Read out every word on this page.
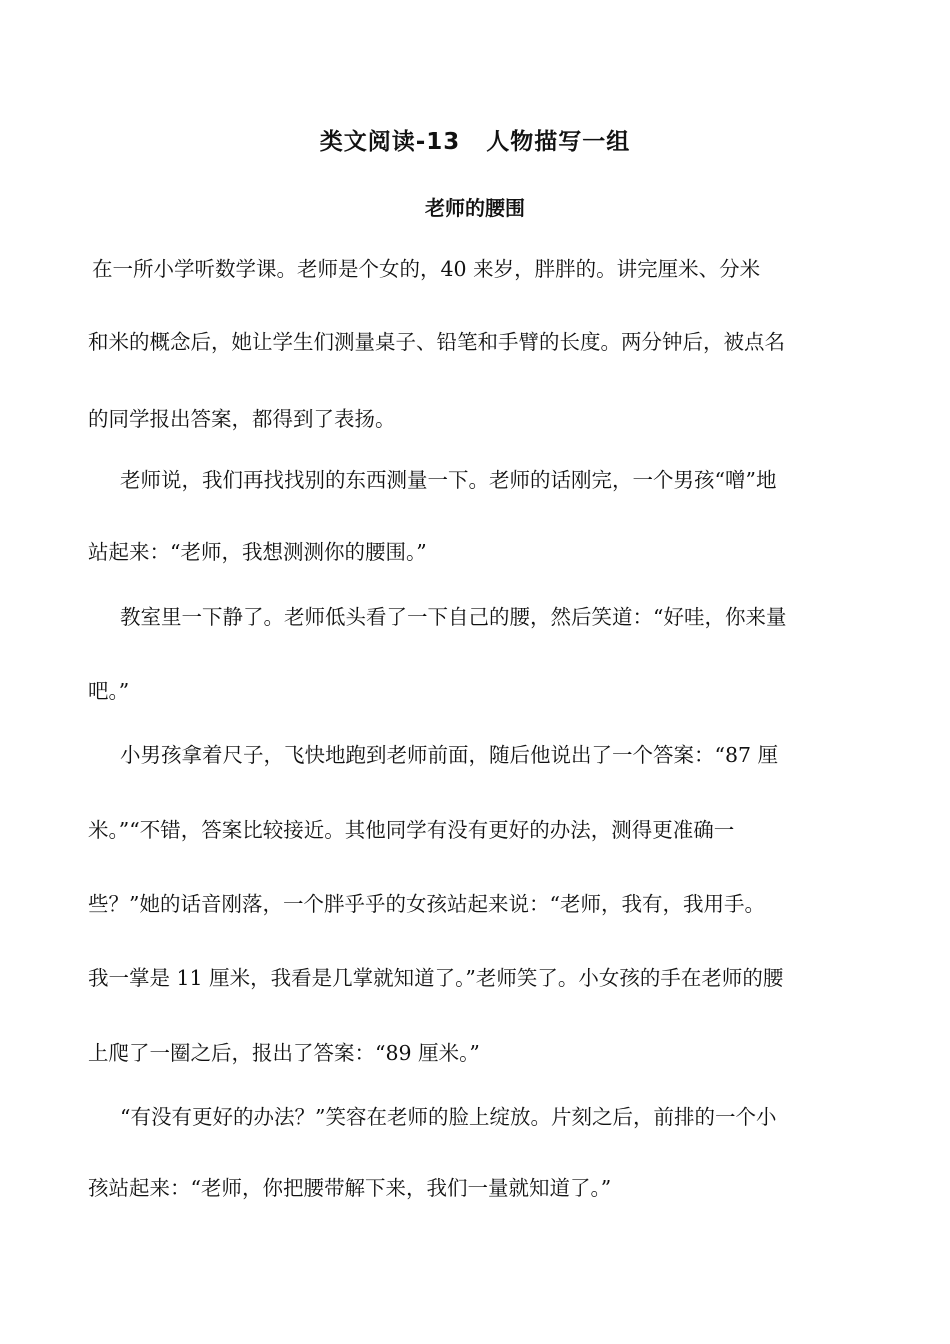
类文阅读-13 人物描写一组
老师的腰围

在一所小学听数学课。老师是个女的，40 来岁，胖胖的。讲完厘米、分米

和米的概念后，她让学生们测量桌子、铅笔和手臂的长度。两分钟后，被点名

的同学报出答案，都得到了表扬。

老师说，我们再找找别的东西测量一下。老师的话刚完，一个男孩“噌”地

站起来：“老师，我想测测你的腰围。”

教室里一下静了。老师低头看了一下自己的腰，然后笑道：“好哇，你来量

吧。”

小男孩拿着尺子，飞快地跑到老师前面，随后他说出了一个答案：“87 厘

米。”“不错，答案比较接近。其他同学有没有更好的办法，测得更准确一

些？”她的话音刚落，一个胖乎乎的女孩站起来说：“老师，我有，我用手。

我一掌是 11 厘米，我看是几掌就知道了。”老师笑了。小女孩的手在老师的腰

上爬了一圈之后，报出了答案：“89 厘米。”

“有没有更好的办法？”笑容在老师的脸上绽放。片刻之后，前排的一个小

孩站起来：“老师，你把腰带解下来，我们一量就知道了。”
